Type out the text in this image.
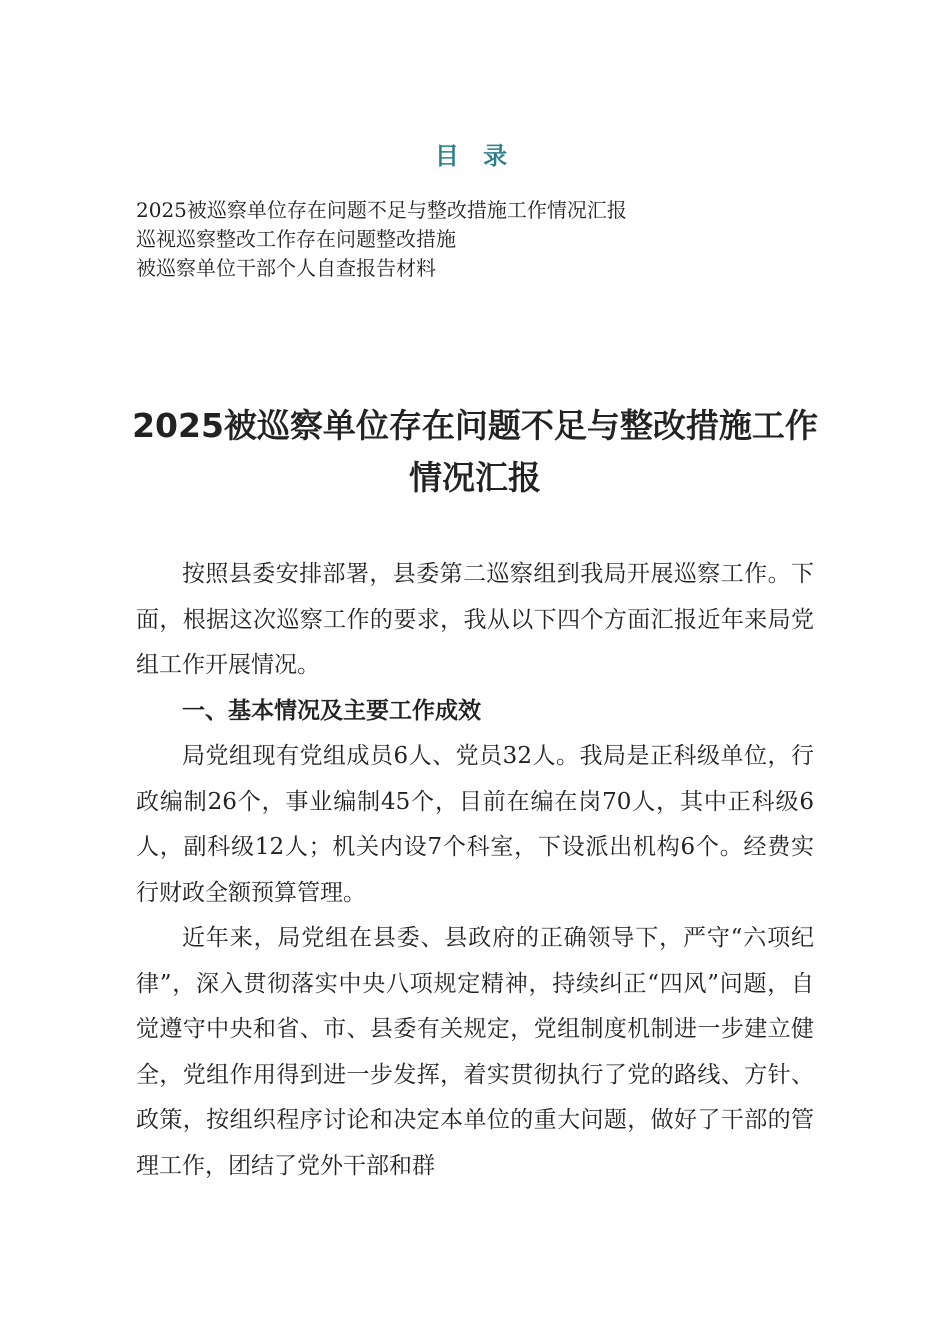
目 录
2025被巡察单位存在问题不足与整改措施工作情况汇报
巡视巡察整改工作存在问题整改措施
被巡察单位干部个人自查报告材料
2025被巡察单位存在问题不足与整改措施工作情况汇报

按照县委安排部署，县委第二巡察组到我局开展巡察工作。下面，根据这次巡察工作的要求，我从以下四个方面汇报近年来局党组工作开展情况。

一、基本情况及主要工作成效

局党组现有党组成员6人、党员32人。我局是正科级单位，行政编制26个，事业编制45个，目前在编在岗70人，其中正科级6人，副科级12人；机关内设7个科室，下设派出机构6个。经费实行财政全额预算管理。

近年来，局党组在县委、县政府的正确领导下，严守“六项纪律”，深入贯彻落实中央八项规定精神，持续纠正“四风”问题，自觉遵守中央和省、市、县委有关规定，党组制度机制进一步建立健全，党组作用得到进一步发挥，着实贯彻执行了党的路线、方针、政策，按组织程序讨论和决定本单位的重大问题，做好了干部的管理工作，团结了党外干部和群
